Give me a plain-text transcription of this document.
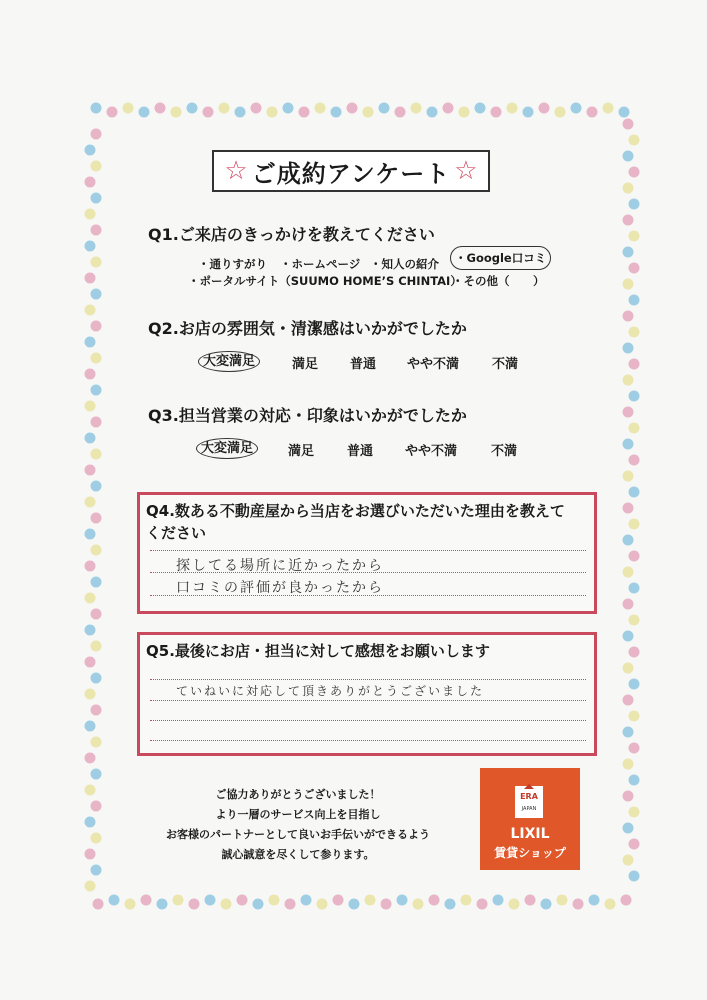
☆ ご成約アンケート ☆
Q1.ご来店のきっかけを教えてください
・通りすがり ・ホームページ ・知人の紹介	・Google口コミ
・ポータルサイト（SUUMO HOME’S CHINTAI）
・その他（ ）
Q2.お店の雰囲気・清潔感はいかがでしたか
大変満足	満足 普通 やや不満	不満
Q3.担当営業の対応・印象はいかがでしたか
大変満足	満足	普通 やや不満	不満
Q4.数ある不動産屋から当店をお選びいただいた理由を教えて
ください
探してる場所に近かったから
口コミの評価が良かったから
Q5.最後にお店・担当に対して感想をお願いします
ていねいに対応して頂きありがとうございました
ご協力ありがとうございました！
より一層のサービス向上を目指し
お客様のパートナーとして良いお手伝いができるよう
誠心誠意を尽くして参ります。
ERA
JAPAN
LIXIL
賃貸ショップ
